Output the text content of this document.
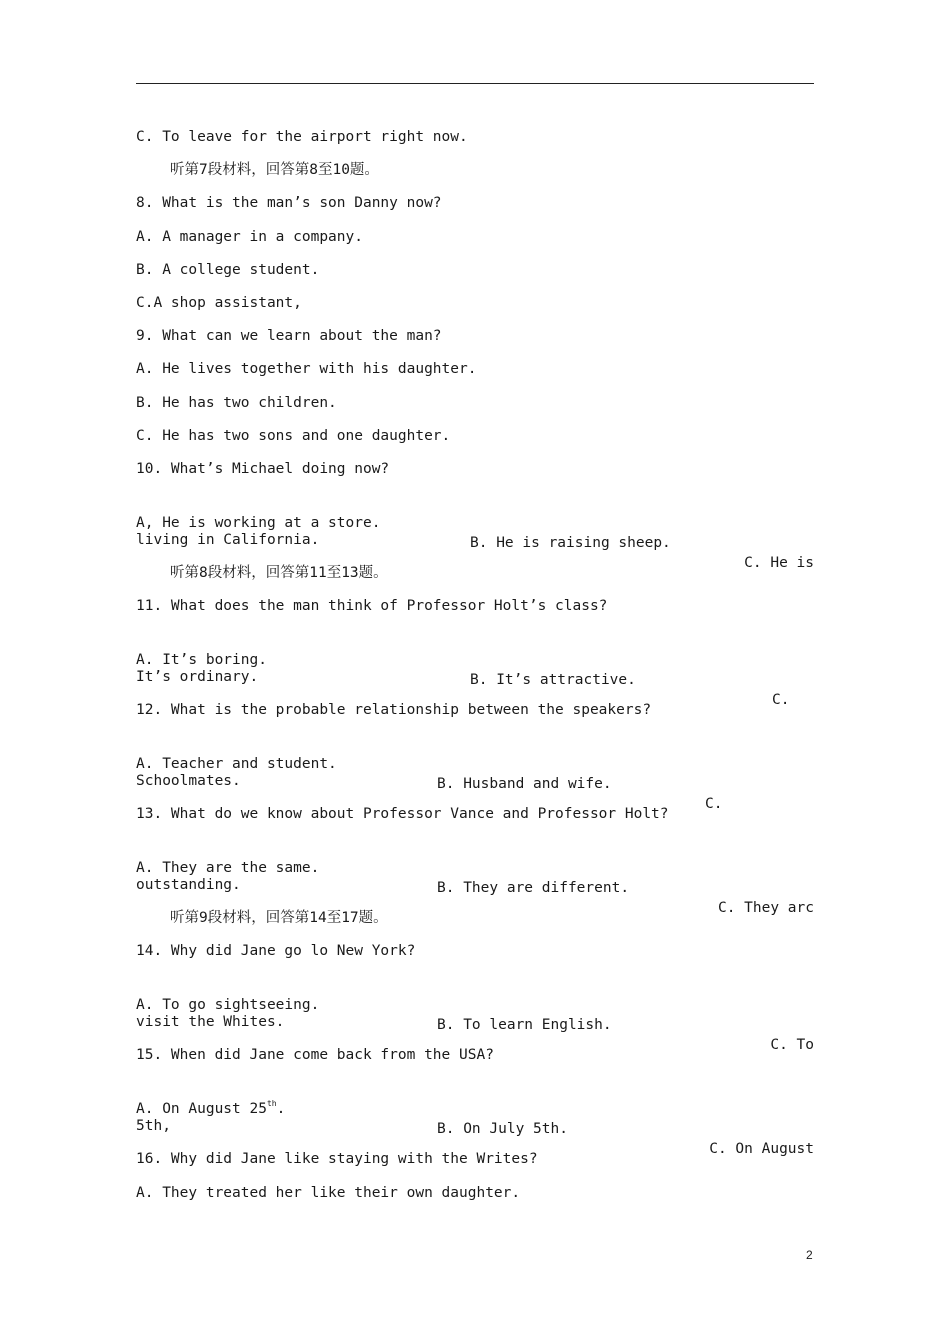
C. To leave for the airport right now.
听第7段材料，回答第8至10题。
8. What is the man’s son Danny now?
A. A manager in a company.
B. A college student.
C.A shop assistant,
9. What can we learn about the man?
A. He lives together with his daughter.
B. He has two children.
C. He has two sons and one daughter.
10. What’s Michael doing now?

A, He is working at a store.

B. He is raising sheep.

C. He is

living in California.
听第8段材料，回答第11至13题。
11. What does the man think of Professor Holt’s class?

A. It’s boring.

B. It’s attractive.

C.

It’s ordinary.
12. What is the probable relationship between the speakers?

A. Teacher and student.

B. Husband and wife.

C.

Schoolmates.
13. What do we know about Professor Vance and Professor Holt?

A. They are the same.

B. They are different.

C. They arc

outstanding.
听第9段材料，回答第14至17题。
14. Why did Jane go lo New York?

A. To go sightseeing.

B. To learn English.

C. To

visit the Whites.
15. When did Jane come back from the USA?

A. On August 25th.

B. On July 5th.

C. On August

5th,
16. Why did Jane like staying with the Writes?
A. They treated her like their own daughter.
2
